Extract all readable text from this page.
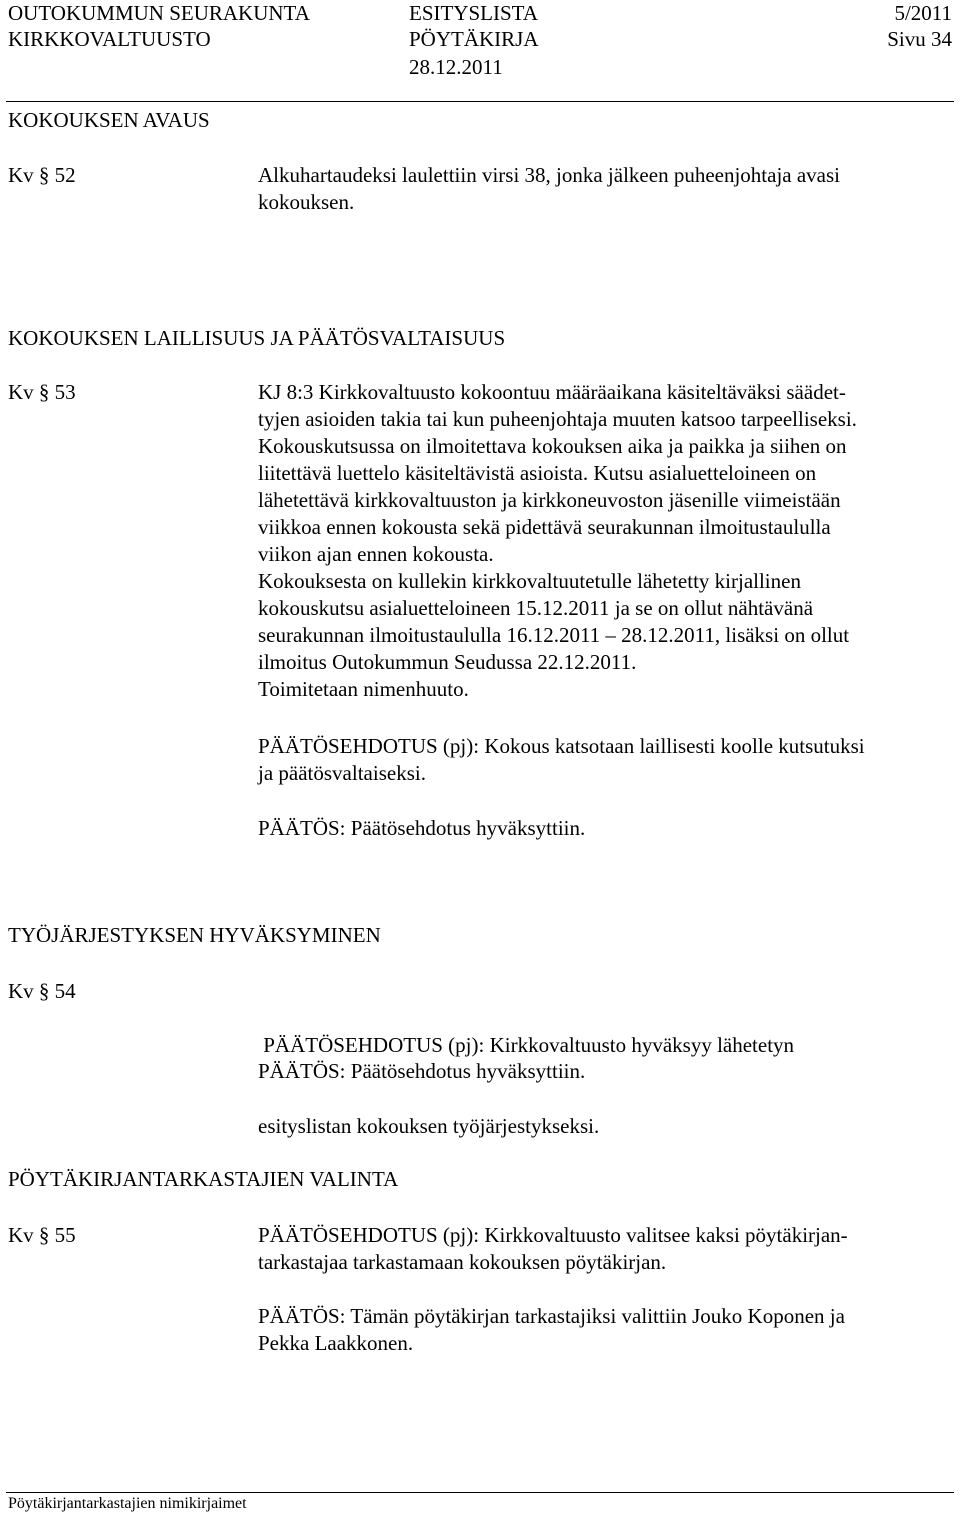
OUTOKUMMUN SEURAKUNTA
KIRKKOVALTUUSTO
ESITYSLISTA
PÖYTÄKIRJA
28.12.2011
5/2011
Sivu 34
KOKOUKSEN AVAUS
Kv § 52	Alkuhartaudeksi laulettiin virsi 38, jonka jälkeen puheenjohtaja avasi
kokouksen.
KOKOUKSEN LAILLISUUS JA PÄÄTÖSVALTAISUUS
Kv § 53	KJ 8:3 Kirkkovaltuusto kokoontuu määräaikana käsiteltäväksi säädet-
tyjen asioiden takia tai kun puheenjohtaja muuten katsoo tarpeelliseksi.
Kokouskutsussa on ilmoitettava kokouksen aika ja paikka ja siihen on
liitettävä luettelo käsiteltävistä asioista. Kutsu asialuetteloineen on
lähetettävä kirkkovaltuuston ja kirkkoneuvoston jäsenille viimeistään
viikkoa ennen kokousta sekä pidettävä seurakunnan ilmoitustaululla
viikon ajan ennen kokousta.
Kokouksesta on kullekin kirkkovaltuutetulle lähetetty kirjallinen
kokouskutsu asialuetteloineen 15.12.2011 ja se on ollut nähtävänä
seurakunnan ilmoitustaululla 16.12.2011 – 28.12.2011, lisäksi on ollut
ilmoitus Outokummun Seudussa 22.12.2011.
Toimitetaan nimenhuuto.
PÄÄTÖSEHDOTUS (pj): Kokous katsotaan laillisesti koolle kutsutuksi
ja päätösvaltaiseksi.
PÄÄTÖS: Päätösehdotus hyväksyttiin.
TYÖJÄRJESTYKSEN HYVÄKSYMINEN
Kv § 54

PÄÄTÖSEHDOTUS (pj): Kirkkovaltuusto hyväksyy lähetetyn

esityslistan kokouksen työjärjestykseksi.

PÄÄTÖS: Päätösehdotus hyväksyttiin.
PÖYTÄKIRJANTARKASTAJIEN VALINTA
Kv § 55	PÄÄTÖSEHDOTUS (pj): Kirkkovaltuusto valitsee kaksi pöytäkirjan-
tarkastajaa tarkastamaan kokouksen pöytäkirjan.
PÄÄTÖS: Tämän pöytäkirjan tarkastajiksi valittiin Jouko Koponen ja
Pekka Laakkonen.
Pöytäkirjantarkastajien nimikirjaimet
